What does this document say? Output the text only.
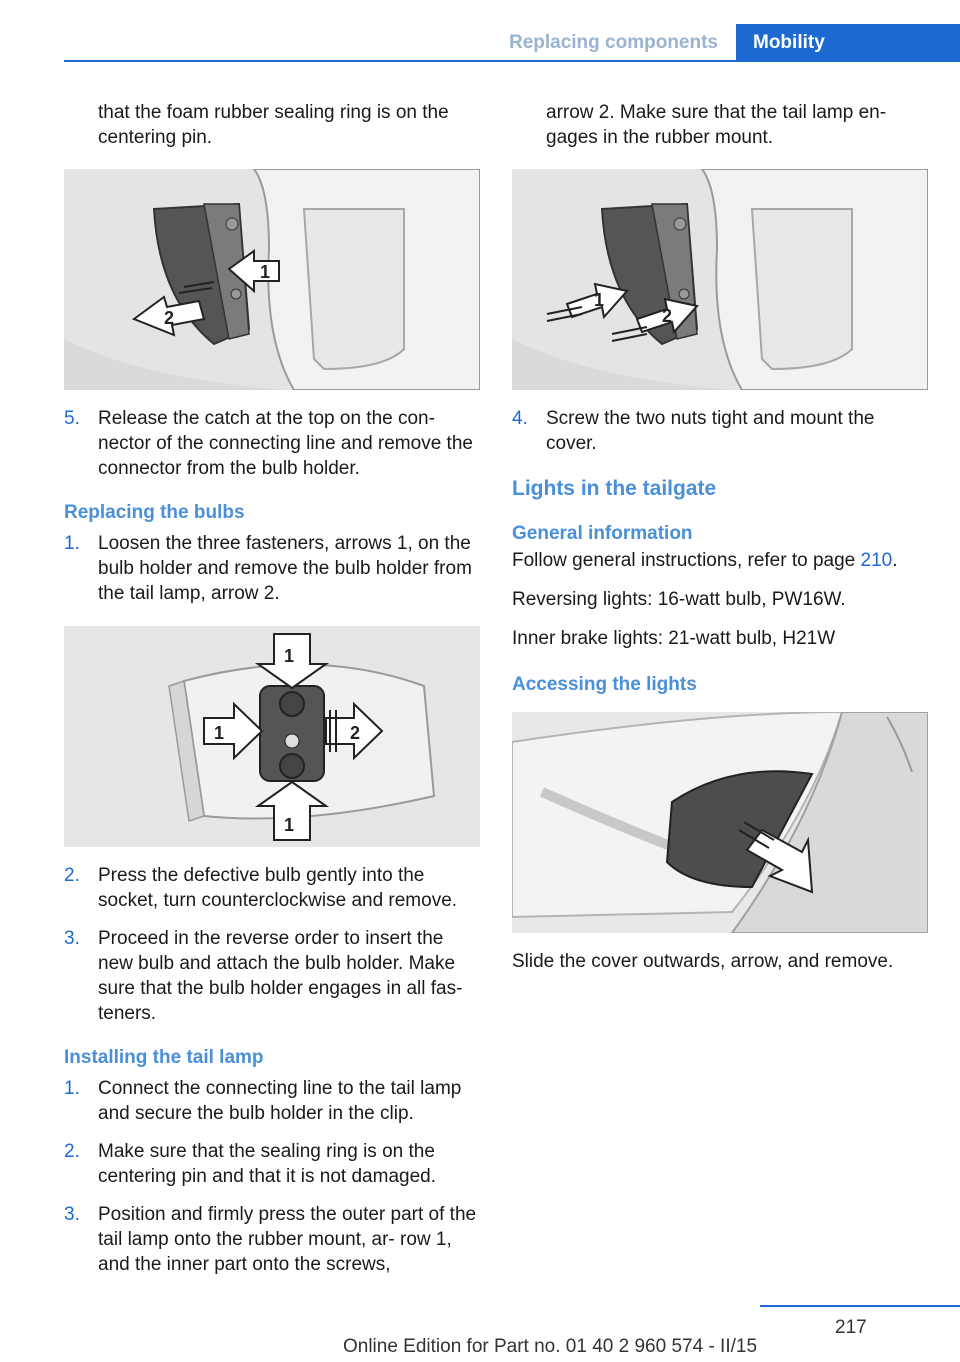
Replacing components	Mobility

that the foam rubber sealing ring is on the centering pin.

1
2
5. Release the catch at the top on the con‐ nector of the connecting line and remove the connector from the bulb holder.
Replacing the bulbs
1. Loosen the three fasteners, arrows 1, on the bulb holder and remove the bulb holder from the tail lamp, arrow 2.
1
1	2
1
2. Press the defective bulb gently into the socket, turn counterclockwise and remove.
3. Proceed in the reverse order to insert the new bulb and attach the bulb holder. Make sure that the bulb holder engages in all fas‐ teners.
Installing the tail lamp
1. Connect the connecting line to the tail lamp and secure the bulb holder in the clip.
2. Make sure that the sealing ring is on the centering pin and that it is not damaged.
3. Position and firmly press the outer part of the tail lamp onto the rubber mount, ar‐ row 1, and the inner part onto the screws,

arrow 2. Make sure that the tail lamp en‐ gages in the rubber mount.

1
2
4. Screw the two nuts tight and mount the cover.
Lights in the tailgate
General information

Follow general instructions, refer to page 210.

Reversing lights: 16-watt bulb, PW16W.

Inner brake lights: 21-watt bulb, H21W

Accessing the lights

Slide the cover outwards, arrow, and remove.

217
Online Edition for Part no. 01 40 2 960 574 - II/15
